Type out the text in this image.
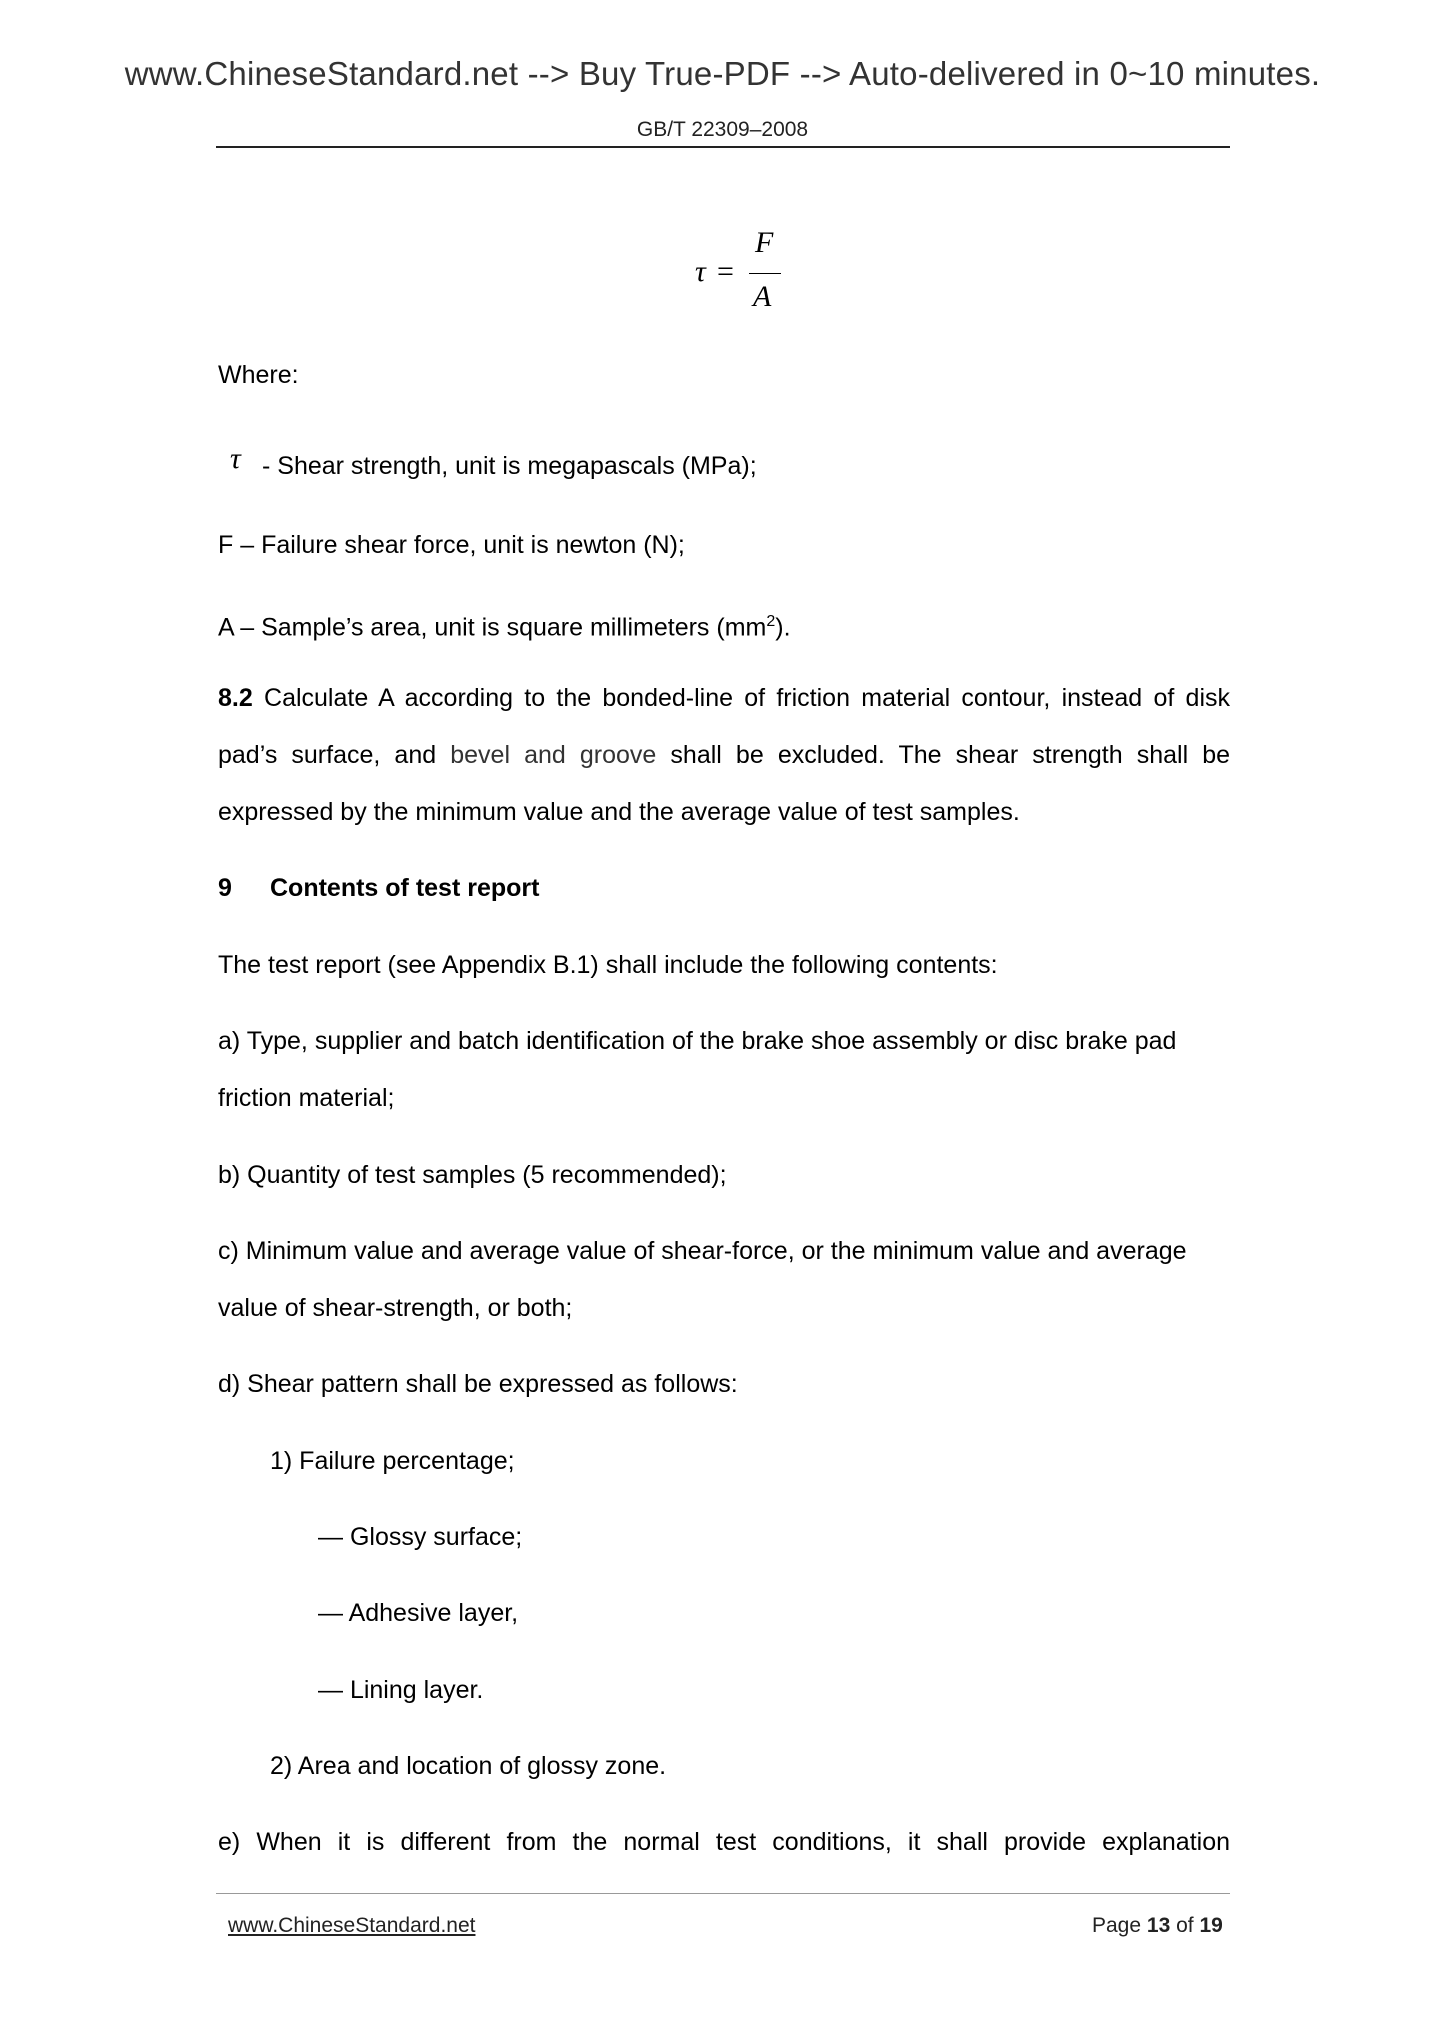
www.ChineseStandard.net --> Buy True-PDF --> Auto-delivered in 0~10 minutes.
GB/T 22309–2008
τ =
F
A
Where:
τ - Shear strength, unit is megapascals (MPa);
F – Failure shear force, unit is newton (N);
A – Sample’s area, unit is square millimeters $(mm^2)$.
8.2 Calculate A according to the bonded-line of friction material contour, instead of disk
pad’s surface, and bevel and groove shall be excluded. The shear strength shall be
expressed by the minimum value and the average value of test samples.
9 Contents of test report
The test report (see Appendix B.1) shall include the following contents:
a) Type, supplier and batch identification of the brake shoe assembly or disc brake pad
friction material;
b) Quantity of test samples (5 recommended);
c) Minimum value and average value of shear-force, or the minimum value and average
value of shear-strength, or both;
d) Shear pattern shall be expressed as follows:
1) Failure percentage;
— Glossy surface;
— Adhesive layer,
— Lining layer.
2) Area and location of glossy zone.
e) When it is different from the normal test conditions, it shall provide explanation
www.ChineseStandard.net	Page 13 of 19
